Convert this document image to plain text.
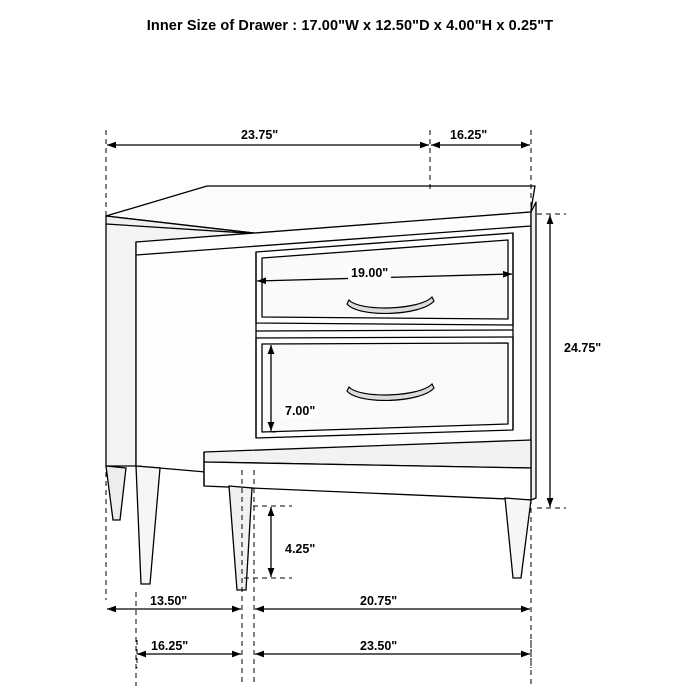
Inner Size of Drawer : 17.00"W x 12.50"D x 4.00"H x 0.25"T
23.75"	16.25"
19.00"
24.75"
7.00"
4.25"
13.50"	20.75"
16.25"	23.50"
